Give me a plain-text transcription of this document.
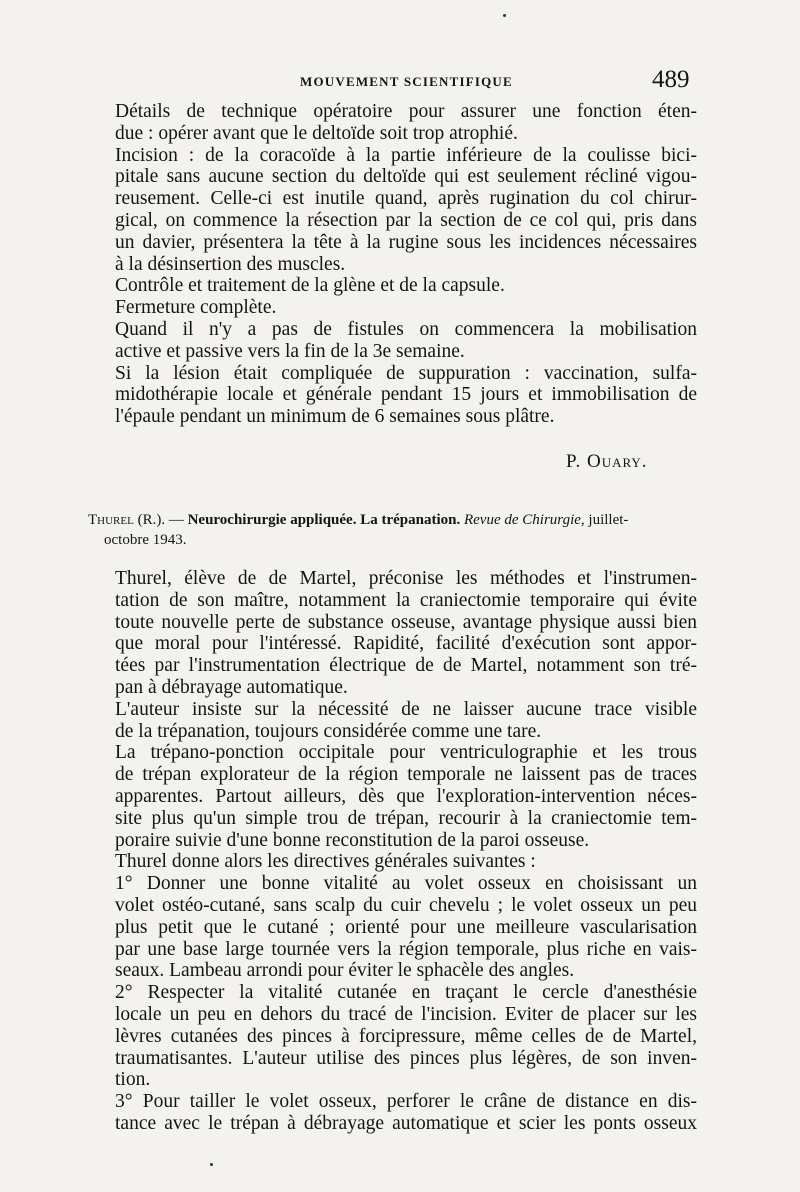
MOUVEMENT SCIENTIFIQUE	489
Détails de technique opératoire pour assurer une fonction éten-
due : opérer avant que le deltoïde soit trop atrophié.
Incision : de la coracoïde à la partie inférieure de la coulisse bici-
pitale sans aucune section du deltoïde qui est seulement récliné vigou-
reusement. Celle-ci est inutile quand, après rugination du col chirur-
gical, on commence la résection par la section de ce col qui, pris dans
un davier, présentera la tête à la rugine sous les incidences nécessaires
à la désinsertion des muscles.
Contrôle et traitement de la glène et de la capsule.
Fermeture complète.
Quand il n'y a pas de fistules on commencera la mobilisation
active et passive vers la fin de la 3e semaine.
Si la lésion était compliquée de suppuration : vaccination, sulfa-
midothérapie locale et générale pendant 15 jours et immobilisation de
l'épaule pendant un minimum de 6 semaines sous plâtre.
P. Ouary.
Thurel (R.). — Neurochirurgie appliquée. La trépanation. Revue de Chirurgie, juillet-
octobre 1943.
Thurel, élève de de Martel, préconise les méthodes et l'instrumen-
tation de son maître, notamment la craniectomie temporaire qui évite
toute nouvelle perte de substance osseuse, avantage physique aussi bien
que moral pour l'intéressé. Rapidité, facilité d'exécution sont appor-
tées par l'instrumentation électrique de de Martel, notamment son tré-
pan à débrayage automatique.
L'auteur insiste sur la nécessité de ne laisser aucune trace visible
de la trépanation, toujours considérée comme une tare.
La trépano-ponction occipitale pour ventriculographie et les trous
de trépan explorateur de la région temporale ne laissent pas de traces
apparentes. Partout ailleurs, dès que l'exploration-intervention néces-
site plus qu'un simple trou de trépan, recourir à la craniectomie tem-
poraire suivie d'une bonne reconstitution de la paroi osseuse.
Thurel donne alors les directives générales suivantes :
1° Donner une bonne vitalité au volet osseux en choisissant un
volet ostéo-cutané, sans scalp du cuir chevelu ; le volet osseux un peu
plus petit que le cutané ; orienté pour une meilleure vascularisation
par une base large tournée vers la région temporale, plus riche en vais-
seaux. Lambeau arrondi pour éviter le sphacèle des angles.
2° Respecter la vitalité cutanée en traçant le cercle d'anesthésie
locale un peu en dehors du tracé de l'incision. Eviter de placer sur les
lèvres cutanées des pinces à forcipressure, même celles de de Martel,
traumatisantes. L'auteur utilise des pinces plus légères, de son inven-
tion.
3° Pour tailler le volet osseux, perforer le crâne de distance en dis-
tance avec le trépan à débrayage automatique et scier les ponts osseux
